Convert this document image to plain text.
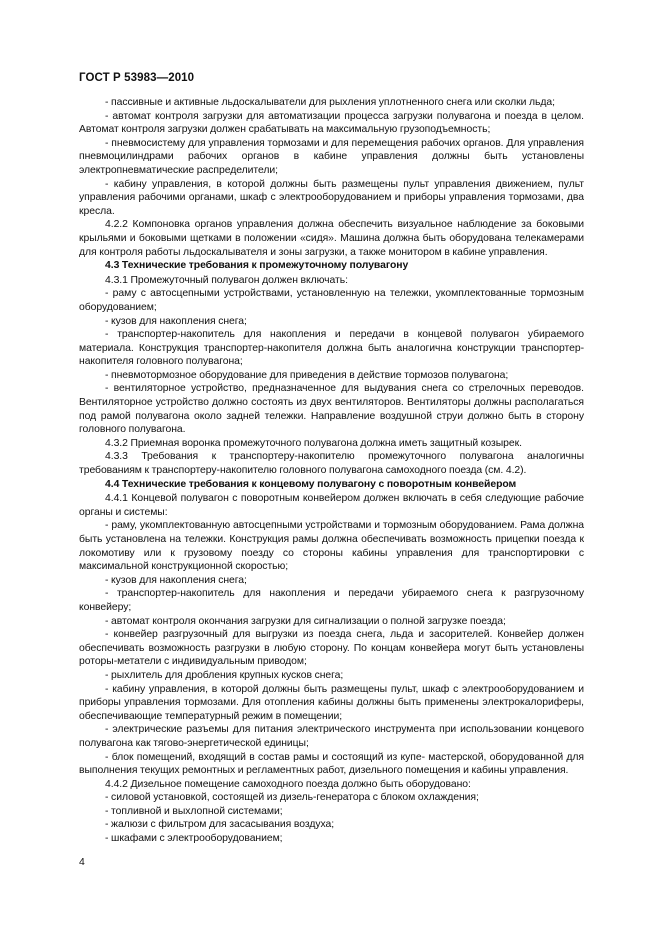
ГОСТ Р 53983—2010

- пассивные и активные льдоскалыватели для рыхления уплотненного снега или сколки льда;

- автомат контроля загрузки для автоматизации процесса загрузки полувагона и поезда в целом. Автомат контроля загрузки должен срабатывать на максимальную грузоподъемность;

- пневмосистему для управления тормозами и для перемещения рабочих органов. Для управления пневмоцилиндрами рабочих органов в кабине управления должны быть установлены электропневматические распределители;

- кабину управления, в которой должны быть размещены пульт управления движением, пульт управления рабочими органами, шкаф с электрооборудованием и приборы управления тормозами, два кресла.

4.2.2 Компоновка органов управления должна обеспечить визуальное наблюдение за боковыми крыльями и боковыми щетками в положении «сидя». Машина должна быть оборудована телекамерами для контроля работы льдоскалывателя и зоны загрузки, а также монитором в кабине управления.

4.3 Технические требования к промежуточному полувагону

4.3.1 Промежуточный полувагон должен включать:

- раму с автосцепными устройствами, установленную на тележки, укомплектованные тормозным оборудованием;

- кузов для накопления снега;

- транспортер-накопитель для накопления и передачи в концевой полувагон убираемого материала. Конструкция транспортер-накопителя должна быть аналогична конструкции транспортер-накопителя головного полувагона;

- пневмотормозное оборудование для приведения в действие тормозов полувагона;

- вентиляторное устройство, предназначенное для выдувания снега со стрелочных переводов. Вентиляторное устройство должно состоять из двух вентиляторов. Вентиляторы должны располагаться под рамой полувагона около задней тележки. Направление воздушной струи должно быть в сторону головного полувагона.

4.3.2 Приемная воронка промежуточного полувагона должна иметь защитный козырек.

4.3.3 Требования к транспортеру-накопителю промежуточного полувагона аналогичны требованиям к транспортеру-накопителю головного полувагона самоходного поезда (см. 4.2).

4.4 Технические требования к концевому полувагону с поворотным конвейером

4.4.1 Концевой полувагон с поворотным конвейером должен включать в себя следующие рабочие органы и системы:

- раму, укомплектованную автосцепными устройствами и тормозным оборудованием. Рама должна быть установлена на тележки. Конструкция рамы должна обеспечивать возможность прицепки поезда к локомотиву или к грузовому поезду со стороны кабины управления для транспортировки с максимальной конструкционной скоростью;

- кузов для накопления снега;

- транспортер-накопитель для накопления и передачи убираемого снега к разгрузочному конвейеру;

- автомат контроля окончания загрузки для сигнализации о полной загрузке поезда;

- конвейер разгрузочный для выгрузки из поезда снега, льда и засорителей. Конвейер должен обеспечивать возможность разгрузки в любую сторону. По концам конвейера могут быть установлены роторы-метатели с индивидуальным приводом;

- рыхлитель для дробления крупных кусков снега;

- кабину управления, в которой должны быть размещены пульт, шкаф с электрооборудованием и приборы управления тормозами. Для отопления кабины должны быть применены электрокалориферы, обеспечивающие температурный режим в помещении;

- электрические разъемы для питания электрического инструмента при использовании концевого полувагона как тягово-энергетической единицы;

- блок помещений, входящий в состав рамы и состоящий из купе- мастерской, оборудованной для выполнения текущих ремонтных и регламентных работ, дизельного помещения и кабины управления.

4.4.2 Дизельное помещение самоходного поезда должно быть оборудовано:

- силовой установкой, состоящей из дизель-генератора с блоком охлаждения;

- топливной и выхлопной системами;

- жалюзи с фильтром для засасывания воздуха;

- шкафами с электрооборудованием;

4
